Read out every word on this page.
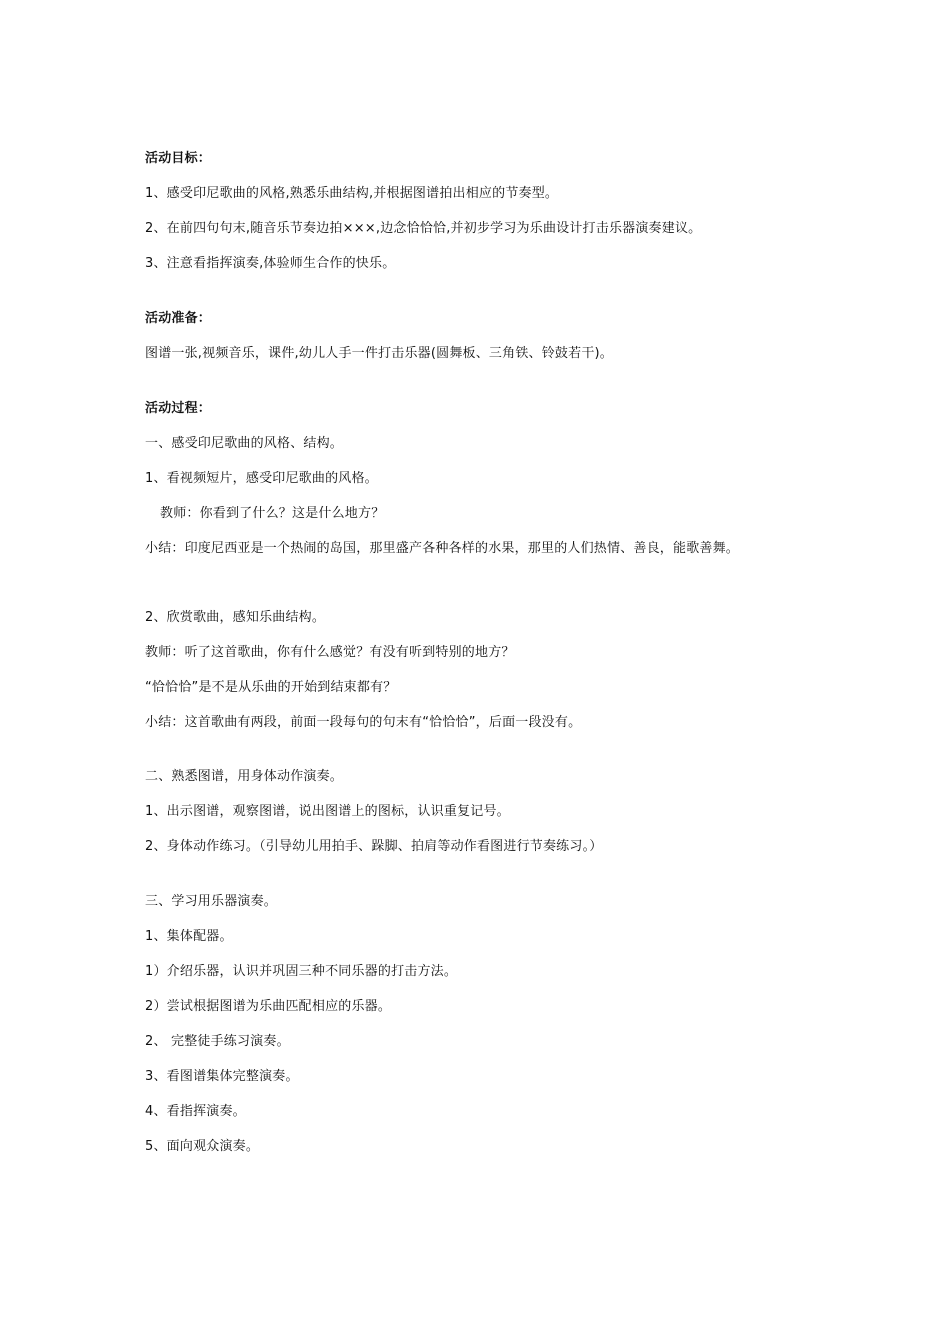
活动目标：
1、感受印尼歌曲的风格,熟悉乐曲结构,并根据图谱拍出相应的节奏型。
2、在前四句句末,随音乐节奏边拍×××,边念恰恰恰,并初步学习为乐曲设计打击乐器演奏建议。
3、注意看指挥演奏,体验师生合作的快乐。
活动准备：
图谱一张,视频音乐，课件,幼儿人手一件打击乐器(圆舞板、三角铁、铃鼓若干)。
活动过程：
一、感受印尼歌曲的风格、结构。
1、看视频短片，感受印尼歌曲的风格。
教师：你看到了什么？这是什么地方？
小结：印度尼西亚是一个热闹的岛国，那里盛产各种各样的水果，那里的人们热情、善良，能歌善舞。
2、欣赏歌曲，感知乐曲结构。
教师：听了这首歌曲，你有什么感觉？有没有听到特别的地方？
“恰恰恰”是不是从乐曲的开始到结束都有？
小结：这首歌曲有两段，前面一段每句的句末有“恰恰恰”，后面一段没有。
二、熟悉图谱，用身体动作演奏。
1、出示图谱，观察图谱，说出图谱上的图标，认识重复记号。
2、身体动作练习。（引导幼儿用拍手、跺脚、拍肩等动作看图进行节奏练习。）
三、学习用乐器演奏。
1、集体配器。
1）介绍乐器，认识并巩固三种不同乐器的打击方法。
2）尝试根据图谱为乐曲匹配相应的乐器。
2、 完整徒手练习演奏。
3、看图谱集体完整演奏。
4、看指挥演奏。
5、面向观众演奏。
